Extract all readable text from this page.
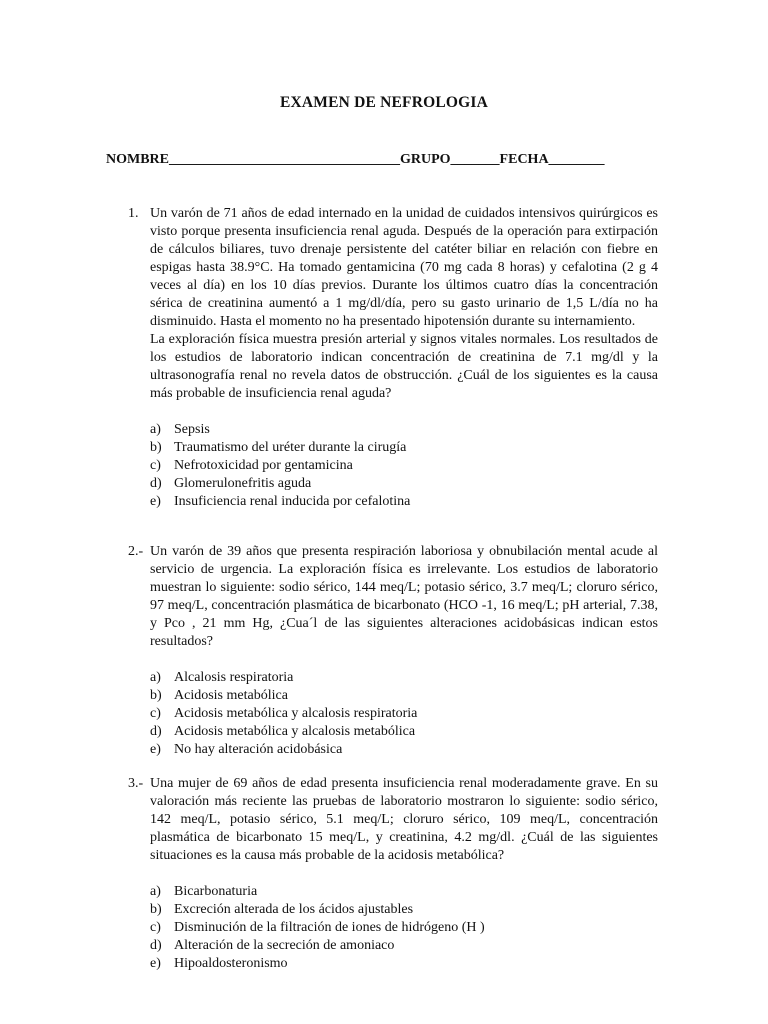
EXAMEN DE NEFROLOGIA
NOMBRE_________________________________GRUPO_______FECHA________
1. Un varón de 71 años de edad internado en la unidad de cuidados intensivos quirúrgicos es visto porque presenta insuficiencia renal aguda. Después de la operación para extirpación de cálculos biliares, tuvo drenaje persistente del catéter biliar en relación con fiebre en espigas hasta 38.9°C. Ha tomado gentamicina (70 mg cada 8 horas) y cefalotina (2 g 4 veces al día) en los 10 días previos. Durante los últimos cuatro días la concentración sérica de creatinina aumentó a 1 mg/dl/día, pero su gasto urinario de 1,5 L/día no ha disminuido. Hasta el momento no ha presentado hipotensión durante su internamiento.

La exploración física muestra presión arterial y signos vitales normales. Los resultados de los estudios de laboratorio indican concentración de creatinina de 7.1 mg/dl y la ultrasonografía renal no revela datos de obstrucción. ¿Cuál de los siguientes es la causa más probable de insuficiencia renal aguda?

a) Sepsis
b) Traumatismo del uréter durante la cirugía
c) Nefrotoxicidad por gentamicina
d) Glomerulonefritis aguda
e) Insuficiencia renal inducida por cefalotina
2.- Un varón de 39 años que presenta respiración laboriosa y obnubilación mental acude al servicio de urgencia. La exploración física es irrelevante. Los estudios de laboratorio muestran lo siguiente: sodio sérico, 144 meq/L; potasio sérico, 3.7 meq/L; cloruro sérico, 97 meq/L, concentración plasmática de bicarbonato (HCO -1, 16 meq/L; pH arterial, 7.38, y Pco , 21 mm Hg, ¿Cua´l de las siguientes alteraciones acidobásicas indican estos resultados?

a) Alcalosis respiratoria
b) Acidosis metabólica
c) Acidosis metabólica y alcalosis respiratoria
d) Acidosis metabólica y alcalosis metabólica
e) No hay alteración acidobásica
3.- Una mujer de 69 años de edad presenta insuficiencia renal moderadamente grave. En su valoración más reciente las pruebas de laboratorio mostraron lo siguiente: sodio sérico, 142 meq/L, potasio sérico, 5.1 meq/L; cloruro sérico, 109 meq/L, concentración plasmática de bicarbonato 15 meq/L, y creatinina, 4.2 mg/dl. ¿Cuál de las siguientes situaciones es la causa más probable de la acidosis metabólica?

a) Bicarbonaturia
b) Excreción alterada de los ácidos ajustables
c) Disminución de la filtración de iones de hidrógeno (H )
d) Alteración de la secreción de amoniaco
e) Hipoaldosteronismo
